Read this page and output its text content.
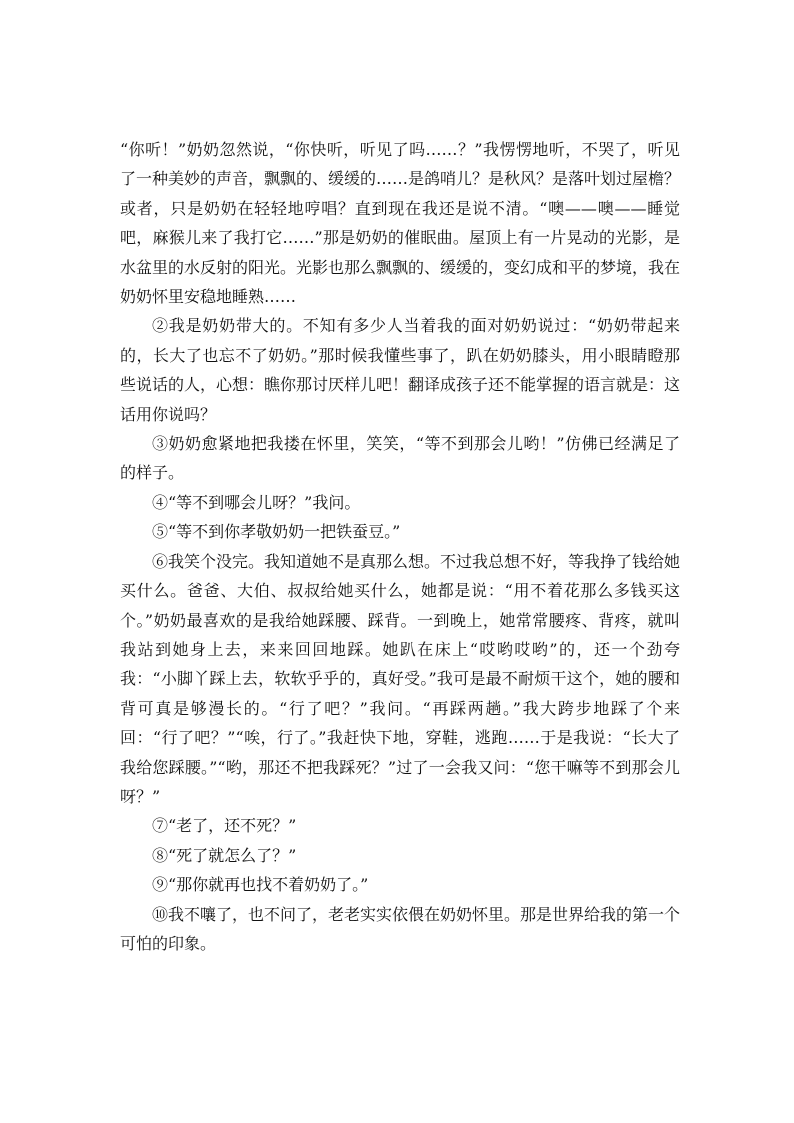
“你听！”奶奶忽然说，“你快听，听见了吗……？”我愣愣地听，不哭了，听见了一种美妙的声音，飘飘的、缓缓的……是鸽哨儿？是秋风？是落叶划过屋檐？或者，只是奶奶在轻轻地哼唱？直到现在我还是说不清。“噢——噢——睡觉吧，麻猴儿来了我打它……”那是奶奶的催眠曲。屋顶上有一片晃动的光影，是水盆里的水反射的阳光。光影也那么飘飘的、缓缓的，变幻成和平的梦境，我在奶奶怀里安稳地睡熟……

②我是奶奶带大的。不知有多少人当着我的面对奶奶说过：“奶奶带起来的，长大了也忘不了奶奶。”那时候我懂些事了，趴在奶奶膝头，用小眼睛瞪那些说话的人，心想：瞧你那讨厌样儿吧！翻译成孩子还不能掌握的语言就是：这话用你说吗？

③奶奶愈紧地把我搂在怀里，笑笑，“等不到那会儿哟！”仿佛已经满足了的样子。

④“等不到哪会儿呀？”我问。

⑤“等不到你孝敬奶奶一把铁蚕豆。”

⑥我笑个没完。我知道她不是真那么想。不过我总想不好，等我挣了钱给她买什么。爸爸、大伯、叔叔给她买什么，她都是说：“用不着花那么多钱买这个。”奶奶最喜欢的是我给她踩腰、踩背。一到晚上，她常常腰疼、背疼，就叫我站到她身上去，来来回回地踩。她趴在床上“哎哟哎哟”的，还一个劲夸我：“小脚丫踩上去，软软乎乎的，真好受。”我可是最不耐烦干这个，她的腰和背可真是够漫长的。“行了吧？”我问。“再踩两趟。”我大跨步地踩了个来回：“行了吧？”“唉，行了。”我赶快下地，穿鞋，逃跑……于是我说：“长大了我给您踩腰。”“哟，那还不把我踩死？”过了一会我又问：“您干嘛等不到那会儿呀？”

⑦“老了，还不死？”

⑧“死了就怎么了？”

⑨“那你就再也找不着奶奶了。”

⑩我不嚷了，也不问了，老老实实依偎在奶奶怀里。那是世界给我的第一个可怕的印象。
